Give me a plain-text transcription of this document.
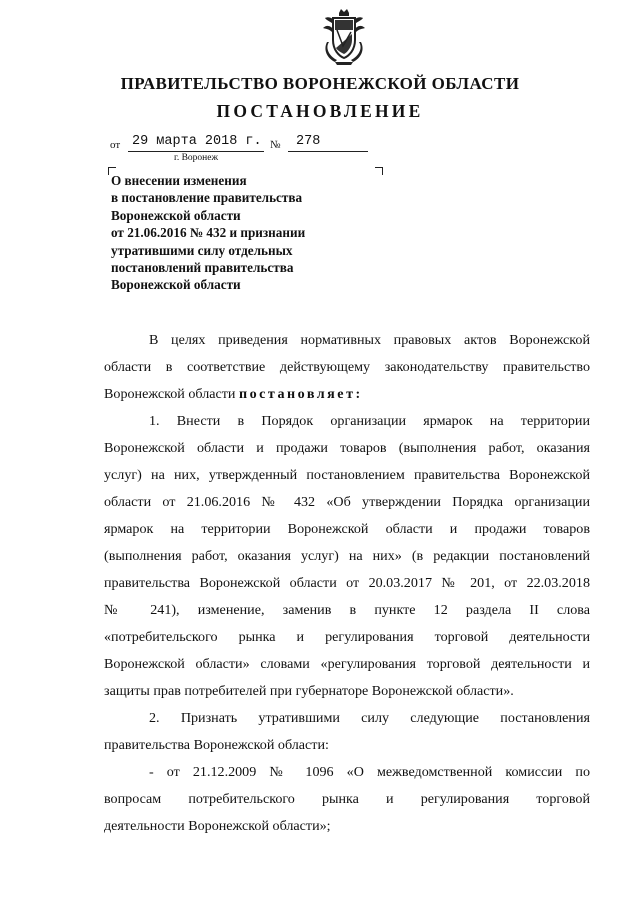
ПРАВИТЕЛЬСТВО ВОРОНЕЖСКОЙ ОБЛАСТИ
ПОСТАНОВЛЕНИЕ
от 29 марта 2018 г. № 278
г. Воронеж
О внесении изменения
в постановление правительства
Воронежской области
от 21.06.2016 № 432 и признании
утратившими силу отдельных
постановлений правительства
Воронежской области
В целях приведения нормативных правовых актов Воронежской
области в соответствие действующему законодательству правительство
Воронежской области постановляет:
1. Внести в Порядок организации ярмарок на территории
Воронежской области и продажи товаров (выполнения работ, оказания
услуг) на них, утвержденный постановлением правительства Воронежской
области от 21.06.2016 № 432 «Об утверждении Порядка организации
ярмарок на территории Воронежской области и продажи товаров
(выполнения работ, оказания услуг) на них» (в редакции постановлений
правительства Воронежской области от 20.03.2017 № 201, от 22.03.2018
№ 241), изменение, заменив в пункте 12 раздела II слова
«потребительского рынка и регулирования торговой деятельности
Воронежской области» словами «регулирования торговой деятельности и
защиты прав потребителей при губернаторе Воронежской области».
2. Признать утратившими силу следующие постановления
правительства Воронежской области:
- от 21.12.2009 № 1096 «О межведомственной комиссии по
вопросам потребительского рынка и регулирования торговой
деятельности Воронежской области»;
